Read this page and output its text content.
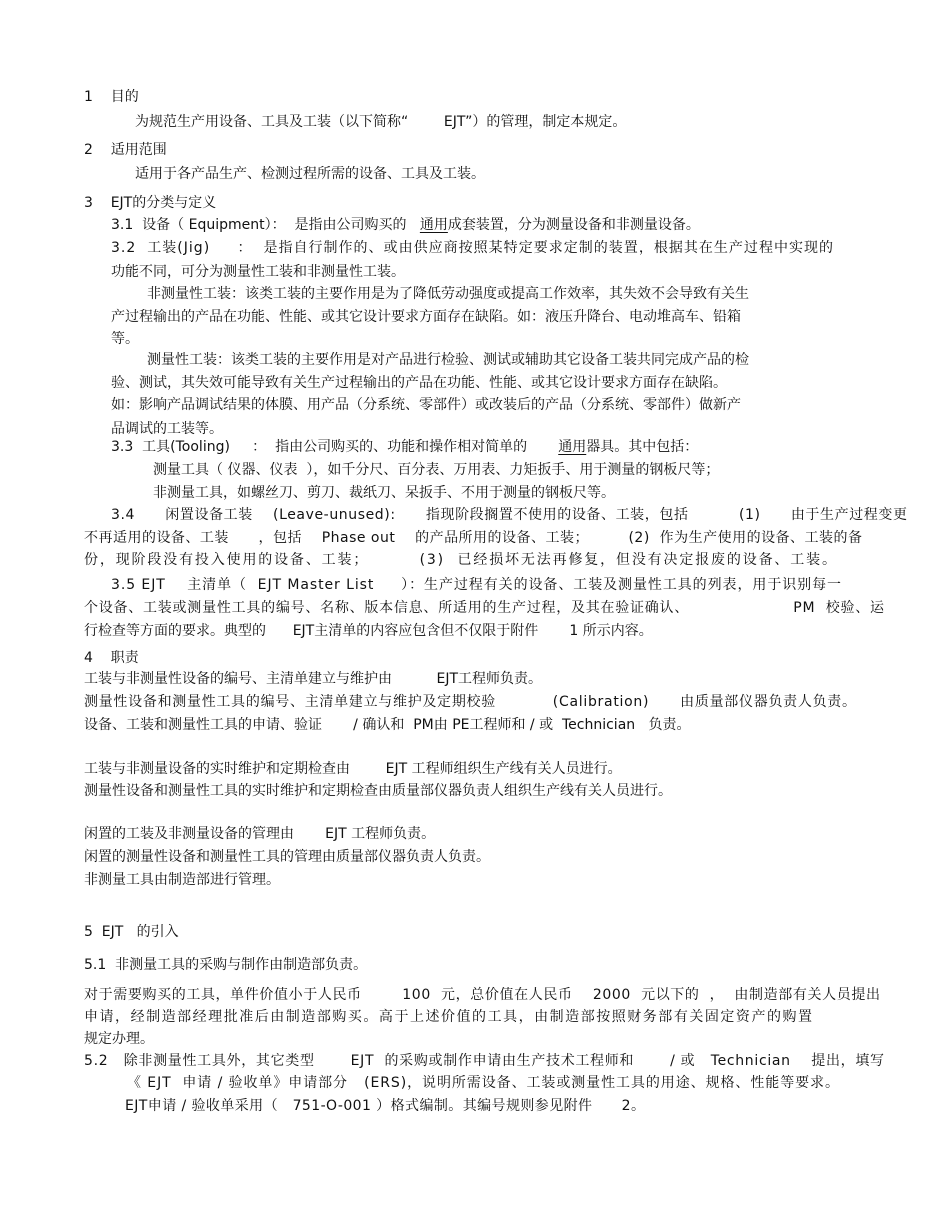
1    目的

为规范生产用设备、工具及工装（以下简称“        EJT”）的管理，制定本规定。

2    适用范围

适用于各产品生产、检测过程所需的设备、工具及工装。

3    EJT的分类与定义

3.1  设备（ Equipment）：  是指由公司购买的   通用成套装置，分为测量设备和非测量设备。

3.2  工装(Jig)     ：  是指自行制作的、或由供应商按照某特定要求定制的装置，根据其在生产过程中实现的

功能不同，可分为测量性工装和非测量性工装。

非测量性工装：该类工装的主要作用是为了降低劳动强度或提高工作效率，其失效不会导致有关生

产过程输出的产品在功能、性能、或其它设计要求方面存在缺陷。如：液压升降台、电动堆高车、铅箱

等。

测量性工装：该类工装的主要作用是对产品进行检验、测试或辅助其它设备工装共同完成产品的检

验、测试，其失效可能导致有关生产过程输出的产品在功能、性能、或其它设计要求方面存在缺陷。

如：影响产品调试结果的体膜、用产品（分系统、零部件）或改装后的产品（分系统、零部件）做新产

品调试的工装等。

3.3  工具(Tooling)     ：  指由公司购买的、功能和操作相对简单的       通用器具。其中包括：

测量工具（ 仪器、仪表  ），如千分尺、百分表、万用表、力矩扳手、用于测量的钢板尺等；

非测量工具，如螺丝刀、剪刀、裁纸刀、呆扳手、不用于测量的钢板尺等。

3.4      闲置设备工装    (Leave-unused):      指现阶段搁置不使用的设备、工装，包括          (1)      由于生产过程变更

不再适用的设备、工装      ，包括    Phase out    的产品所用的设备、工装；        (2)  作为生产使用的设备、工装的备

份，现阶段没有投入使用的设备、工装；        (3)  已经损坏无法再修复，但没有决定报废的设备、工装。

3.5 EJT    主清单（  EJT Master List     ）：生产过程有关的设备、工装及测量性工具的列表，用于识别每一

个设备、工装或测量性工具的编号、名称、版本信息、所适用的生产过程，及其在验证确认、                    PM  校验、运

行检查等方面的要求。典型的      EJT主清单的内容应包含但不仅限于附件       1 所示内容。

4    职责

工装与非测量性设备的编号、主清单建立与维护由          EJT工程师负责。

测量性设备和测量性工具的编号、主清单建立与维护及定期校验           (Calibration)      由质量部仪器负责人负责。

设备、工装和测量性工具的申请、验证       / 确认和  PM由 PE工程师和 / 或  Technician   负责。

工装与非测量设备的实时维护和定期检查由        EJT 工程师组织生产线有关人员进行。

测量性设备和测量性工具的实时维护和定期检查由质量部仪器负责人组织生产线有关人员进行。

闲置的工装及非测量设备的管理由       EJT 工程师负责。

闲置的测量性设备和测量性工具的管理由质量部仪器负责人负责。

非测量工具由制造部进行管理。

5  EJT   的引入

5.1  非测量工具的采购与制作由制造部负责。

对于需要购买的工具，单件价值小于人民币        100  元，总价值在人民币    2000  元以下的  ，  由制造部有关人员提出

申请，经制造部经理批准后由制造部购买。高于上述价值的工具，由制造部按照财务部有关固定资产的购置

规定办理。

5.2   除非测量性工具外，其它类型       EJT  的采购或制作申请由生产技术工程师和       / 或   Technician    提出，填写

《 EJT  申请 / 验收单》申请部分   (ERS)，说明所需设备、工装或测量性工具的用途、规格、性能等要求。

EJT申请 / 验收单采用（   751-O-001 ）格式编制。其编号规则参见附件      2。
